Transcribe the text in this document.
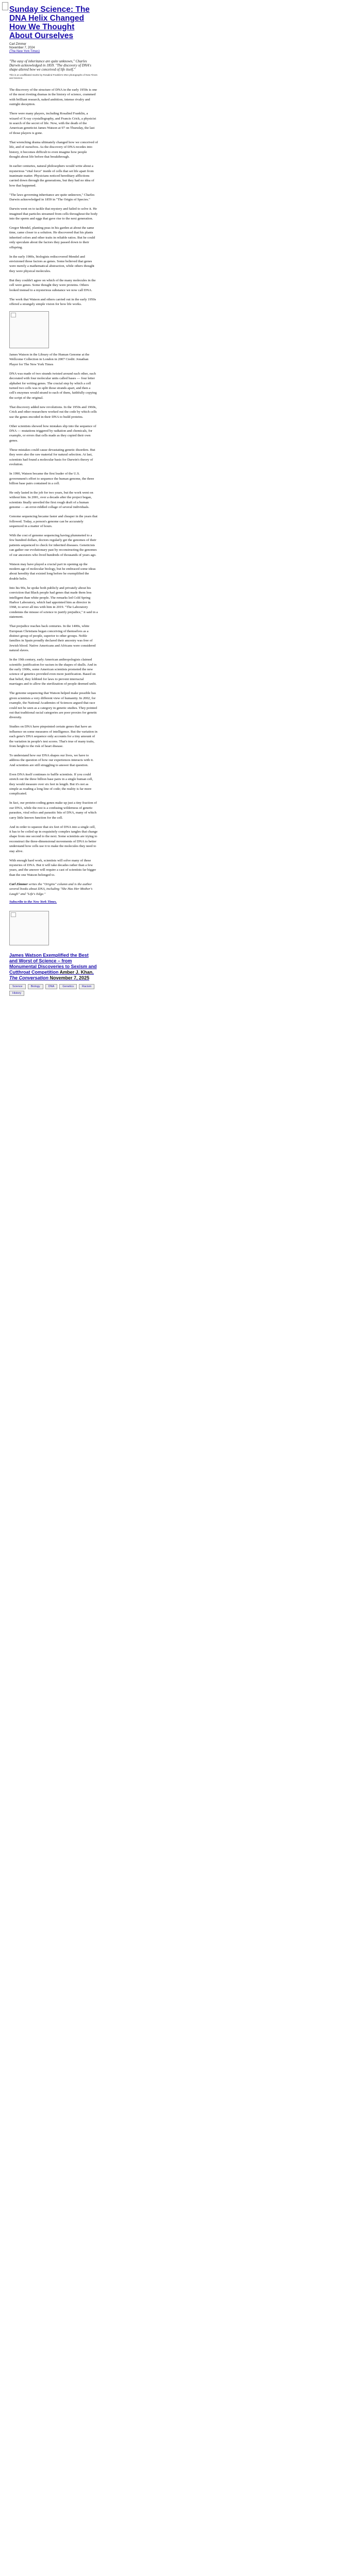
Sunday Science: The DNA Helix Changed How We Thought About Ourselves

Carl Zimmer
November 7, 2024
(The New York Times)

"The easy of inheritance are quite unknown," Charles Darwin acknowledged in 1859. "The discovery of DNA's shape altered how we conceived of life itself."

This is an unaffiliated rewrite by Rosalind Franklin's DNA photographs of New Times and Science.

The discovery of the structure of DNA in the early 1950s is one of the most riveting dramas in the history of science, crammed with brilliant research, naked ambition, intense rivalry and outright deception.

There were many players, including Rosalind Franklin, a wizard of X-ray crystallography, and Francis Crick, a physicist in search of the secret of life. Now, with the death of the American geneticist James Watson at 97 on Thursday, the last of those players is gone.

That wrenching drama ultimately changed how we conceived of life, and of ourselves. As the discovery of DNA recedes into history, it becomes difficult to even imagine how people thought about life before that breakthrough.

In earlier centuries, natural philosophers would write about a mysterious "vital force" inside of cells that set life apart from inanimate matter. Physicians noticed hereditary afflictions carried down through the generations, but they had no idea of how that happened.

"The laws governing inheritance are quite unknown," Charles Darwin acknowledged in 1859 in "The Origin of Species."

Darwin went on to tackle that mystery and failed to solve it. He imagined that particles streamed from cells throughout the body into the sperm and eggs that gave rise to the next generation.

Gregor Mendel, planting peas in his garden at about the same time, came closer to a solution. He discovered that his plants inherited colors and other traits in reliable ratios. But he could only speculate about the factors they passed down to their offspring.

In the early 1900s, biologists rediscovered Mendel and envisioned those factors as genes. Some believed that genes were merely a mathematical abstraction, while others thought they were physical molecules.

But they couldn't agree on which of the many molecules in the cell were genes. Some thought they were proteins. Others looked instead to a mysterious substance we now call DNA.

The work that Watson and others carried out in the early 1950s offered a strangely simple vision for how life works.

James Watson in the Library of the Human Genome at the Wellcome Collection in London in 2007 Credit: Jonathan Player for The New York Times

DNA was made of two strands twisted around each other, each decorated with four molecular units called bases — four letter alphabet for writing genes. The crucial step by which a cell turned two cells was to split those strands apart, and then a cell's enzymes would strand to each of them, faithfully copying the script of the original.

That discovery added new revolutions. In the 1950s and 1960s, Crick and other researchers worked out the code by which cells use the genes encoded in their DNA to build proteins.

Other scientists showed how mistakes slip into the sequence of DNA — mutations triggered by radiation and chemicals, for example, or errors that cells made as they copied their own genes.

These mistakes could cause devastating genetic disorders. But they were also the raw material for natural selection. At last, scientists had found a molecular basis for Darwin's theory of evolution.

In 1990, Watson became the first leader of the U.S. government's effort to sequence the human genome, the three billion base pairs contained in a cell.

He only lasted in the job for two years, but the work went on without him. In 2001, over a decade after the project began, scientists finally unveiled the first rough draft of a human genome — an error-riddled collage of several individuals.

Genome sequencing became faster and cheaper in the years that followed. Today, a person's genome can be accurately sequenced in a matter of hours.

With the cost of genome sequencing having plummeted to a few hundred dollars, doctors regularly get the genomes of their patients sequenced to check for inherited diseases. Geneticists can gather our evolutionary past by reconstructing the genomes of our ancestors who lived hundreds of thousands of years ago.

Watson may have played a crucial part in opening up the modern age of molecular biology, but he embraced some ideas about heredity that existed long before he exemplified the double helix.

Into his 90s, he spoke both publicly and privately about his conviction that Black people had genes that made them less intelligent than white people. The remarks led Cold Spring Harbor Laboratory, which had appointed him as director in 1968, to sever all ties with him in 2019. "The Laboratory condemns the misuse of science to justify prejudice," it said in a statement.

That prejudice reaches back centuries. In the 1400s, white European Christians began conceiving of themselves as a distinct group of people, superior to other groups. Noble families in Spain proudly declared their ancestry was free of Jewish blood. Native Americans and Africans were considered natural slaves.

In the 19th century, early American anthropologists claimed scientific justification for racism in the shapes of skulls. And in the early 1900s, some American scientists promoted the new science of genetics provided even more justification. Based on that belief, they lobbied for laws to prevent interracial marriages and to allow the sterilization of people deemed unfit.

The genome sequencing that Watson helped make possible has given scientists a very different view of humanity. In 2002, for example, the National Academies of Sciences argued that race could not be seen as a category in genetic studies. They pointed out that traditional racial categories are poor proxies for genetic diversity.

Studies on DNA have pinpointed certain genes that have an influence on some measures of intelligence. But the variation in each gene's DNA sequence only accounts for a tiny amount of the variation in people's test scores. That's true of many traits, from height to the risk of heart disease.

To understand how our DNA shapes our lives, we have to address the question of how our experiences interacts with it. And scientists are still struggling to answer that question.

Even DNA itself continues to baffle scientists. If you could stretch out the three billion base pairs in a single human cell, they would measure over six feet in length. But it's not as simple as reading a long line of code; the reality is far more complicated.

In fact, our protein-coding genes make up just a tiny fraction of our DNA, while the rest is a confusing wilderness of genetic parasites, viral relics and parasitic bits of DNA, many of which carry little known function for the cell.

And in order to squeeze that six feet of DNA into a single cell, it has to be coiled up in exquisitely complex tangles that change shape from one second to the next. Some scientists are trying to reconstruct the three-dimensional movements of DNA to better understand how cells use it to make the molecules they need to stay alive.

With enough hard work, scientists will solve many of these mysteries of DNA. But it will take decades rather than a few years, and the answer will require a cast of scientists far bigger than the one Watson belonged to.

Carl Zimmer writes the "Origins" column and is the author several books about DNA, including "She Has Her Mother's Laugh" and "Life's Edge."

Subscribe to the New York Times.
James Watson Exemplified the Best and Worst of Science – from Monumental Discoveries to Sexism and Cutthroat Competition Amber J. Khan, The Conversation November 7, 2025
Science	Biology	DNA	Genetics	Racism
History
